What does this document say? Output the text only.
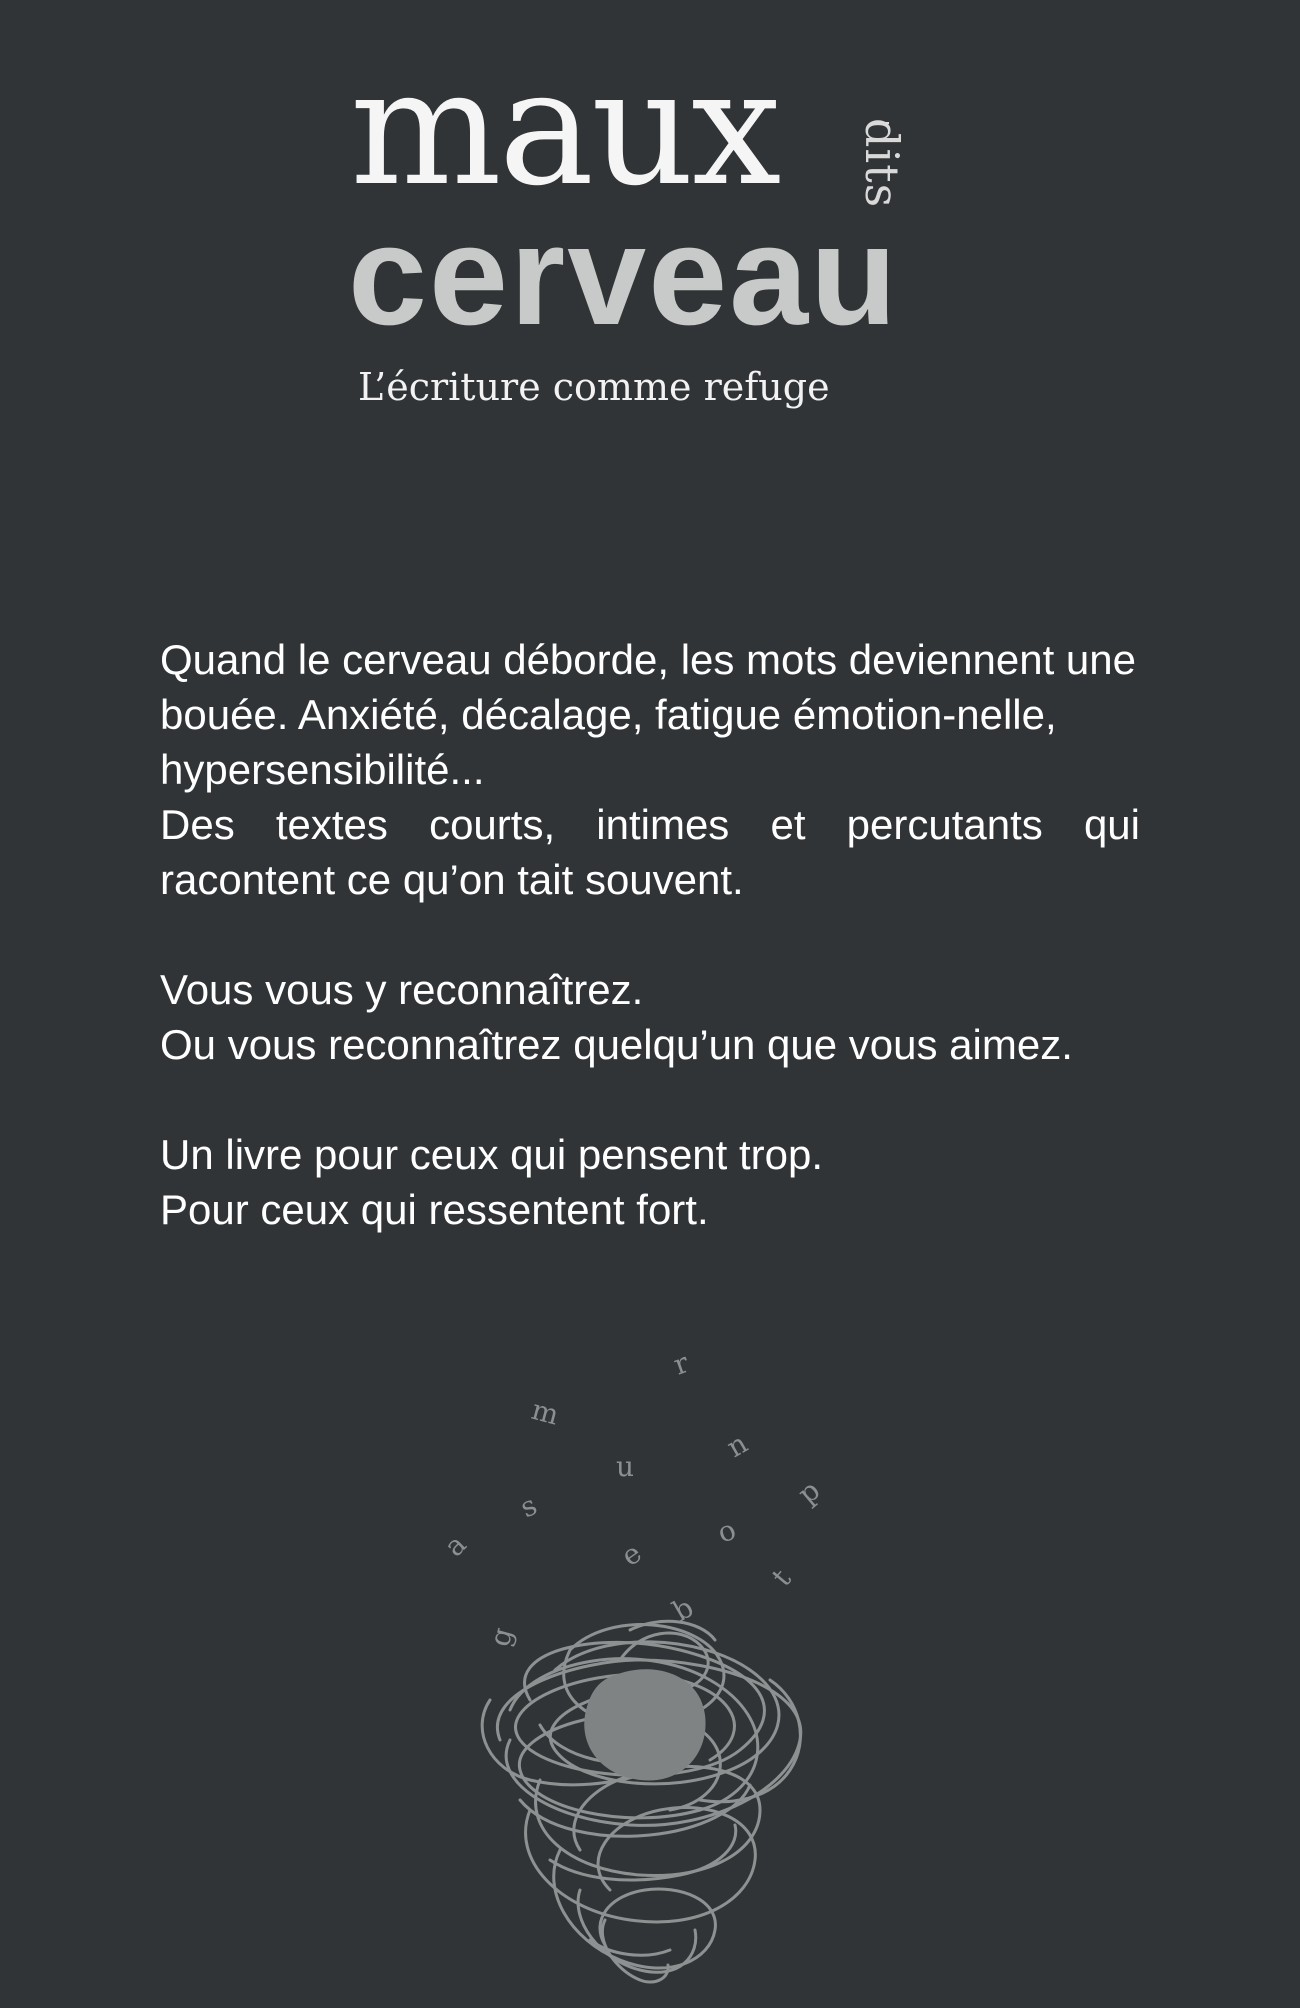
maux dits
cerveau

L’écriture comme refuge

Quand le cerveau déborde, les mots deviennent une bouée. Anxiété, décalage, fatigue émotion-nelle, hypersensibilité...
Des textes courts, intimes et percutants qui racontent ce qu’on tait souvent.
Vous vous y reconnaîtrez.
Ou vous reconnaîtrez quelqu’un que vous aimez.
Un livre pour ceux qui pensent trop.
Pour ceux qui ressentent fort.
r
m
u
n
s	p
a	o
e
t
b
g
